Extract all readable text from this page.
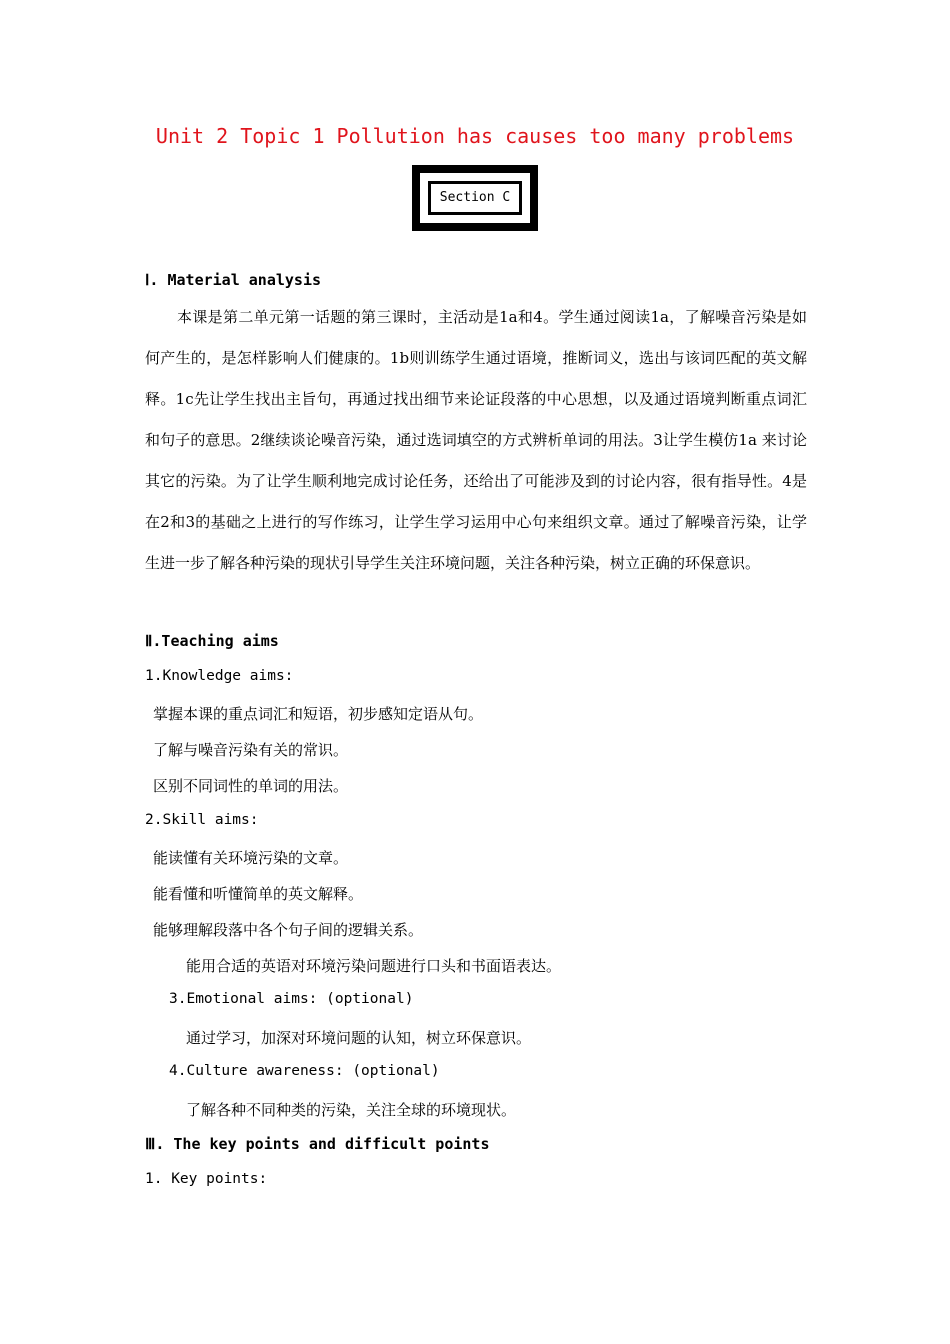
Unit 2 Topic 1 Pollution has causes too many problems
Section C
Ⅰ. Material analysis

本课是第二单元第一话题的第三课时，主活动是1a和4。学生通过阅读1a，了解噪音污染是如何产生的，是怎样影响人们健康的。1b则训练学生通过语境，推断词义，选出与该词匹配的英文解释。1c先让学生找出主旨句，再通过找出细节来论证段落的中心思想，以及通过语境判断重点词汇和句子的意思。2继续谈论噪音污染，通过选词填空的方式辨析单词的用法。3让学生模仿1a 来讨论其它的污染。为了让学生顺利地完成讨论任务，还给出了可能涉及到的讨论内容，很有指导性。4是在2和3的基础之上进行的写作练习，让学生学习运用中心句来组织文章。通过了解噪音污染，让学生进一步了解各种污染的现状引导学生关注环境问题，关注各种污染，树立正确的环保意识。

Ⅱ.Teaching aims
1.Knowledge aims:
掌握本课的重点词汇和短语，初步感知定语从句。
了解与噪音污染有关的常识。
区别不同词性的单词的用法。
2.Skill aims:
能读懂有关环境污染的文章。
能看懂和听懂简单的英文解释。
能够理解段落中各个句子间的逻辑关系。
能用合适的英语对环境污染问题进行口头和书面语表达。
3.Emotional aims: (optional)
通过学习，加深对环境问题的认知，树立环保意识。
4.Culture awareness: (optional)
了解各种不同种类的污染，关注全球的环境现状。
Ⅲ. The key points and difficult points
1. Key points:
